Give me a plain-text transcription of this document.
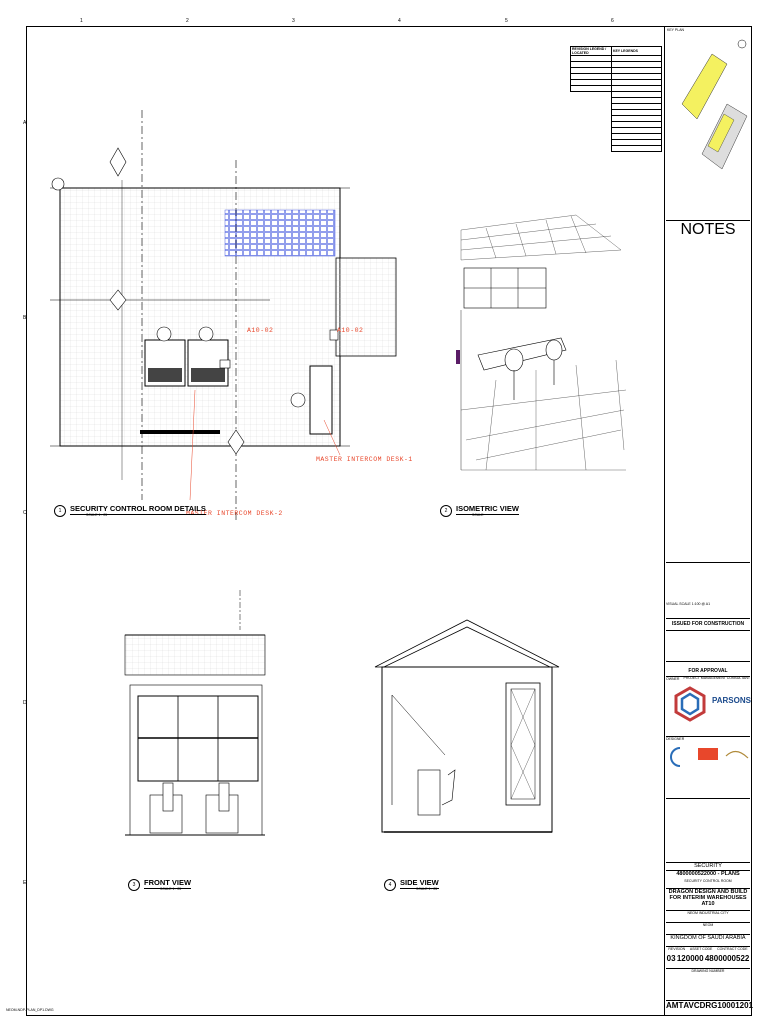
1	2	3	4	5	6
A
B
C
D
E
A10-02	A10-02
MASTER INTERCOM DESK-1
MASTER INTERCOM DESK-2
1	SECURITY CONTROL ROOM DETAILS
SCALE 1 : 25
2	ISOMETRIC VIEW
SCALE
3	FRONT VIEW
SCALE 1 : 25
4	SIDE VIEW
SCALE 1 : 25
REVISION LEGEND / LOCATED	KEY LEGENDS

KEY PLAN
NOTES
VISUAL SCALE 1:100 @ A1
ISSUED FOR CONSTRUCTION
FOR APPROVAL
OWNER	PROJECT MANAGEMENT CONSULTANT
PARSONS
DESIGNER
SECURITY
4800000522000 - PLANS
SECURITY CONTROL ROOM
DRAGON DESIGN AND BUILD FOR INTERIM WAREHOUSES AT10
NEOM INDUSTRIAL CITY
NEOM
KINGDOM OF SAUDI ARABIA
REVISION ASSET CODE CONTRACT CODE
03 120000 4800000522
DRAWING NUMBER
AMT AVC DRG 100012 01
NEOM-NDP-PLAN_DP1.DWG
